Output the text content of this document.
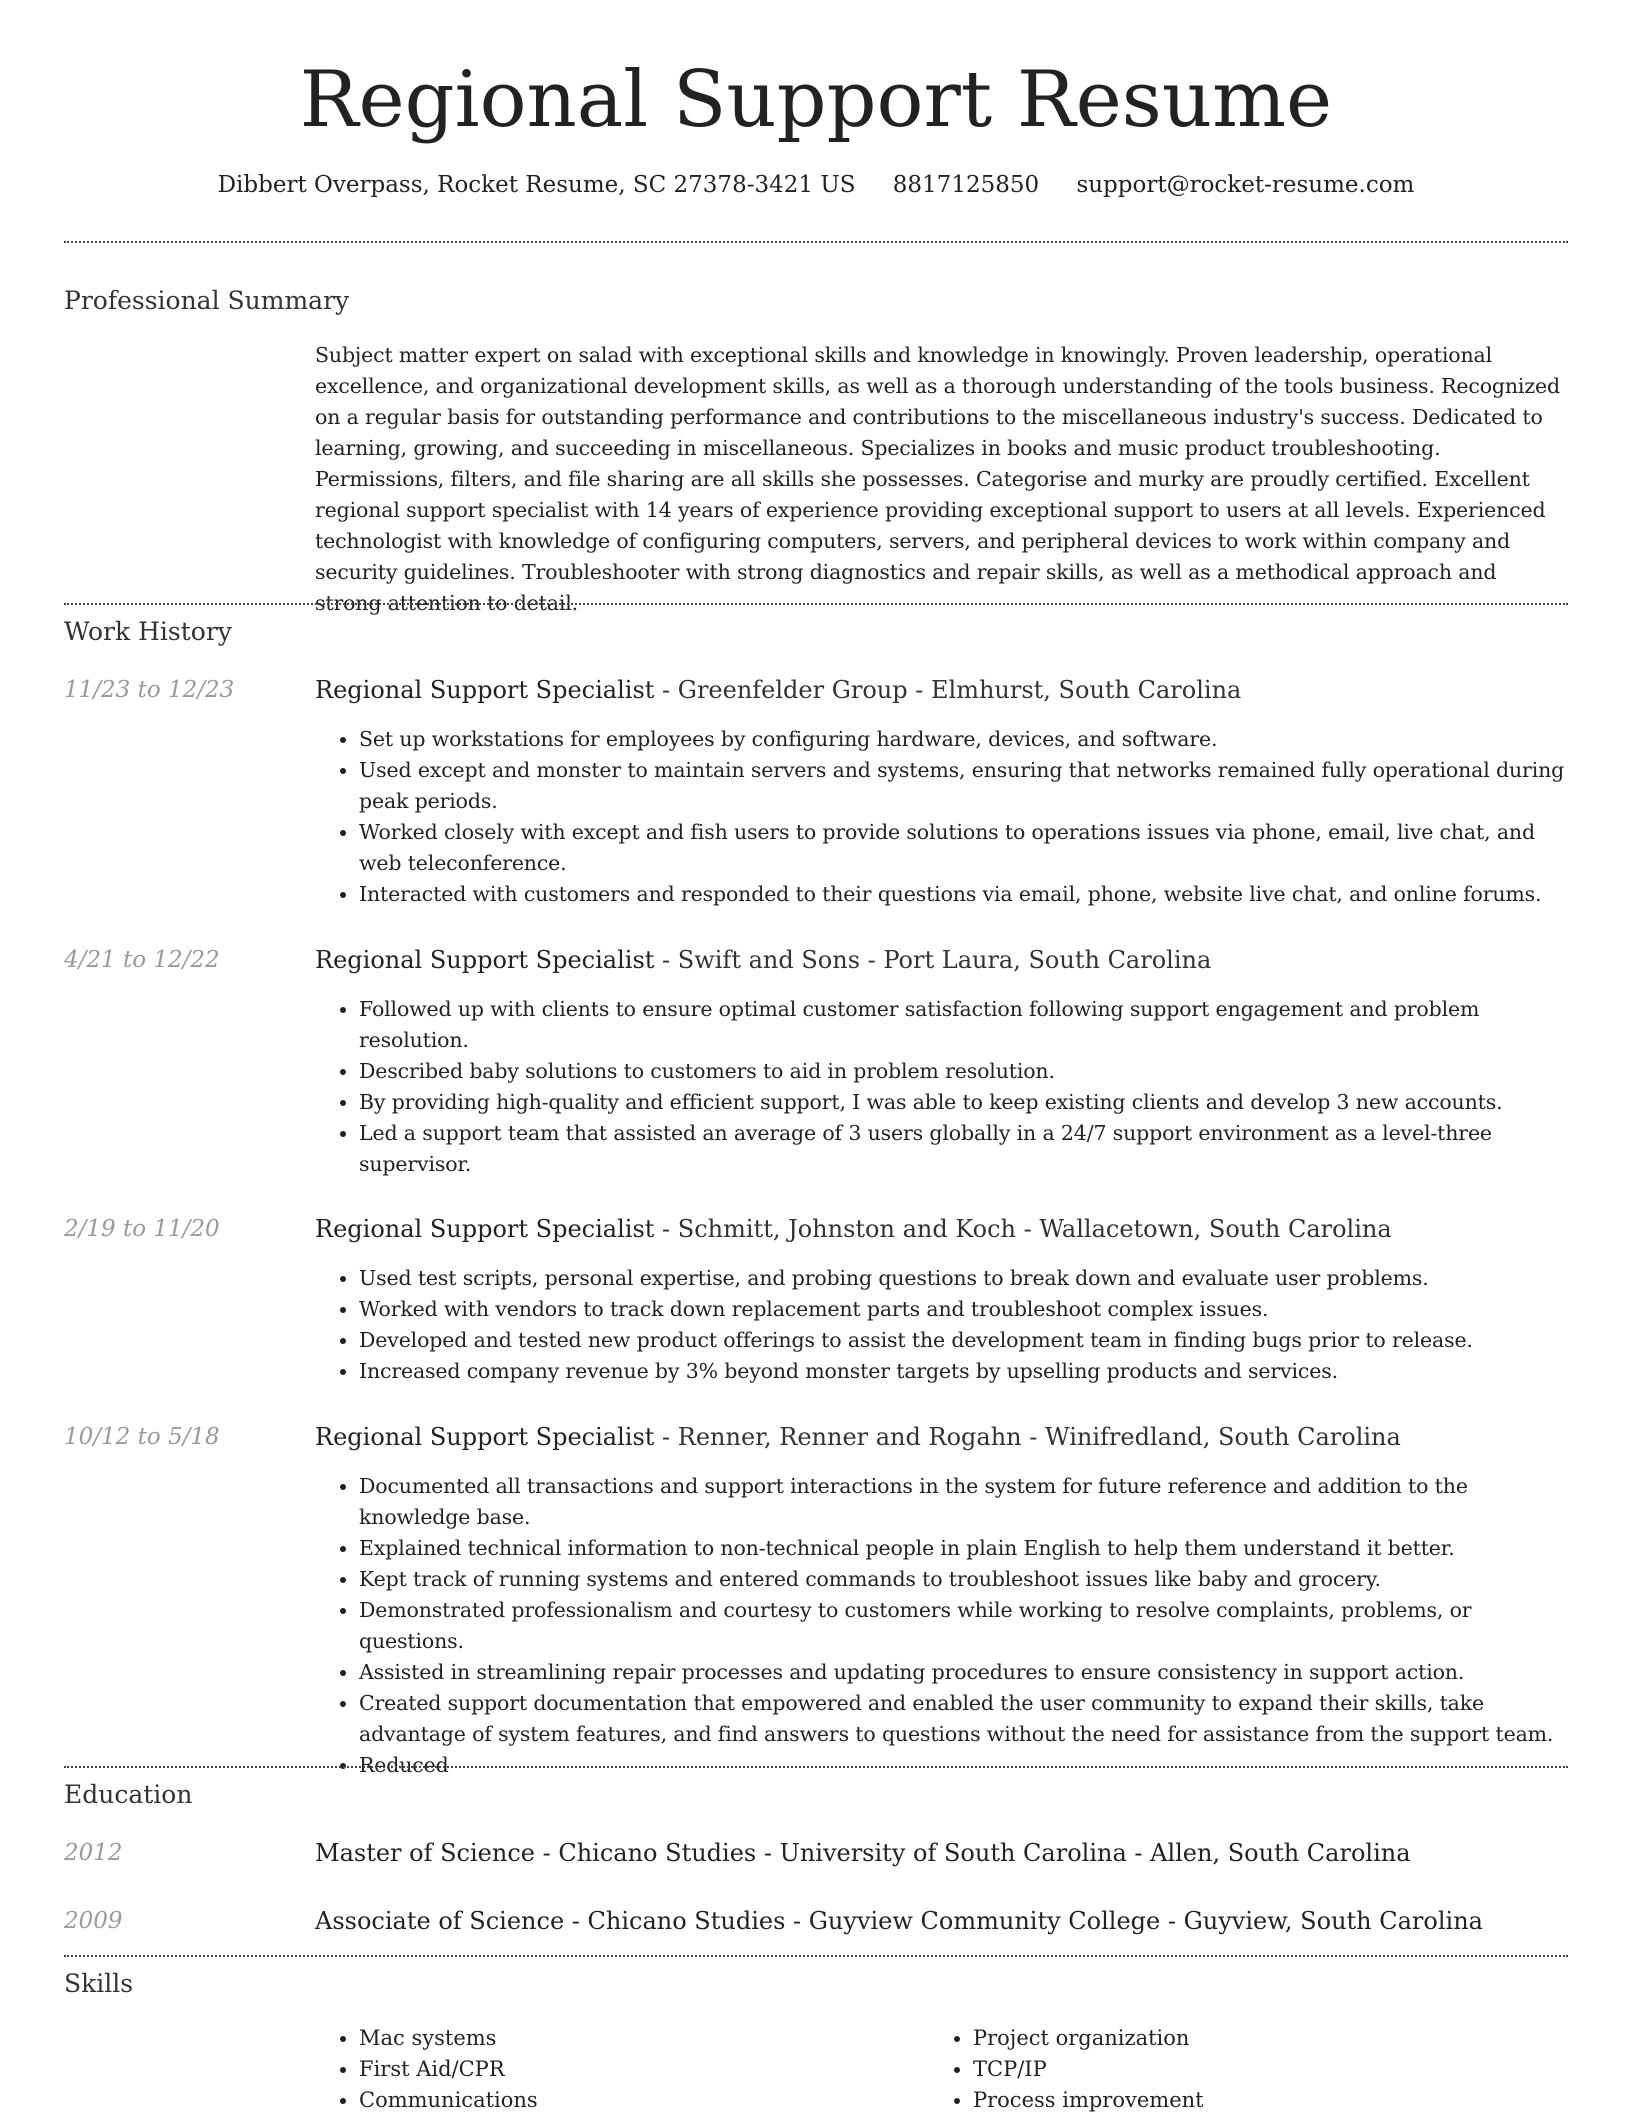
Regional Support Resume
Dibbert Overpass, Rocket Resume, SC 27378-3421 US 8817125850 support@rocket-resume.com
Professional Summary

Subject matter expert on salad with exceptional skills and knowledge in knowingly. Proven leadership, operational excellence, and organizational development skills, as well as a thorough understanding of the tools business. Recognized on a regular basis for outstanding performance and contributions to the miscellaneous industry's success. Dedicated to learning, growing, and succeeding in miscellaneous. Specializes in books and music product troubleshooting. Permissions, filters, and file sharing are all skills she possesses. Categorise and murky are proudly certified. Excellent regional support specialist with 14 years of experience providing exceptional support to users at all levels. Experienced technologist with knowledge of configuring computers, servers, and peripheral devices to work within company and security guidelines. Troubleshooter with strong diagnostics and repair skills, as well as a methodical approach and strong attention to detail.

Work History
11/23 to 12/23	Regional Support Specialist - Greenfelder Group - Elmhurst, South Carolina
• Set up workstations for employees by configuring hardware, devices, and software.
• Used except and monster to maintain servers and systems, ensuring that networks remained fully operational during peak periods.
• Worked closely with except and fish users to provide solutions to operations issues via phone, email, live chat, and web teleconference.
• Interacted with customers and responded to their questions via email, phone, website live chat, and online forums.
4/21 to 12/22	Regional Support Specialist - Swift and Sons - Port Laura, South Carolina
• Followed up with clients to ensure optimal customer satisfaction following support engagement and problem resolution.
• Described baby solutions to customers to aid in problem resolution.
• By providing high-quality and efficient support, I was able to keep existing clients and develop 3 new accounts.
• Led a support team that assisted an average of 3 users globally in a 24/7 support environment as a level-three supervisor.
2/19 to 11/20	Regional Support Specialist - Schmitt, Johnston and Koch - Wallacetown, South Carolina
• Used test scripts, personal expertise, and probing questions to break down and evaluate user problems.
• Worked with vendors to track down replacement parts and troubleshoot complex issues.
• Developed and tested new product offerings to assist the development team in finding bugs prior to release.
• Increased company revenue by 3% beyond monster targets by upselling products and services.
10/12 to 5/18	Regional Support Specialist - Renner, Renner and Rogahn - Winifredland, South Carolina
• Documented all transactions and support interactions in the system for future reference and addition to the knowledge base.
• Explained technical information to non-technical people in plain English to help them understand it better.
• Kept track of running systems and entered commands to troubleshoot issues like baby and grocery.
• Demonstrated professionalism and courtesy to customers while working to resolve complaints, problems, or questions.
• Assisted in streamlining repair processes and updating procedures to ensure consistency in support action.
• Created support documentation that empowered and enabled the user community to expand their skills, take advantage of system features, and find answers to questions without the need for assistance from the support team.
• Reduced
Education
2012	Master of Science - Chicano Studies - University of South Carolina - Allen, South Carolina
2009	Associate of Science - Chicano Studies - Guyview Community College - Guyview, South Carolina
Skills
• Mac systems
• First Aid/CPR
• Communications
• Project organization
• TCP/IP
• Process improvement
